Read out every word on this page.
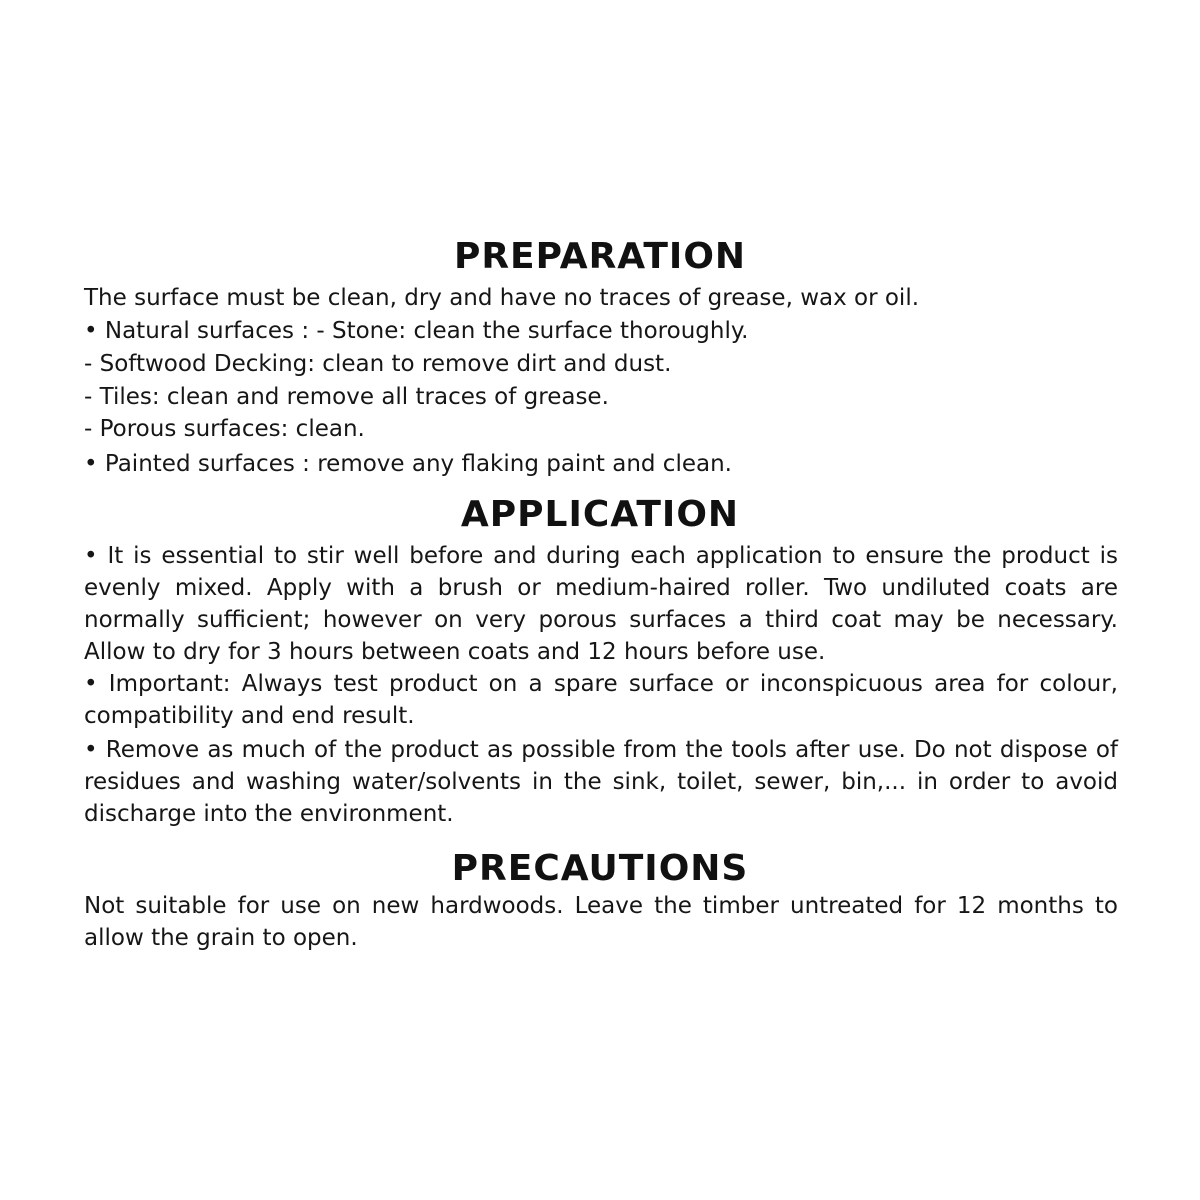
PREPARATION

The surface must be clean, dry and have no traces of grease, wax or oil.

• Natural surfaces : - Stone: clean the surface thoroughly.

- Softwood Decking: clean to remove dirt and dust.

- Tiles: clean and remove all traces of grease.

- Porous surfaces: clean.

• Painted surfaces : remove any flaking paint and clean.

APPLICATION

• It is essential to stir well before and during each application to ensure the product is evenly mixed. Apply with a brush or medium-haired roller. Two undiluted coats are normally sufficient; however on very porous surfaces a third coat may be necessary. Allow to dry for 3 hours between coats and 12 hours before use.

• Important: Always test product on a spare surface or inconspicuous area for colour, compatibility and end result.

• Remove as much of the product as possible from the tools after use. Do not dispose of residues and washing water/solvents in the sink, toilet, sewer, bin,... in order to avoid discharge into the environment.

PRECAUTIONS

Not suitable for use on new hardwoods. Leave the timber untreated for 12 months to allow the grain to open.
